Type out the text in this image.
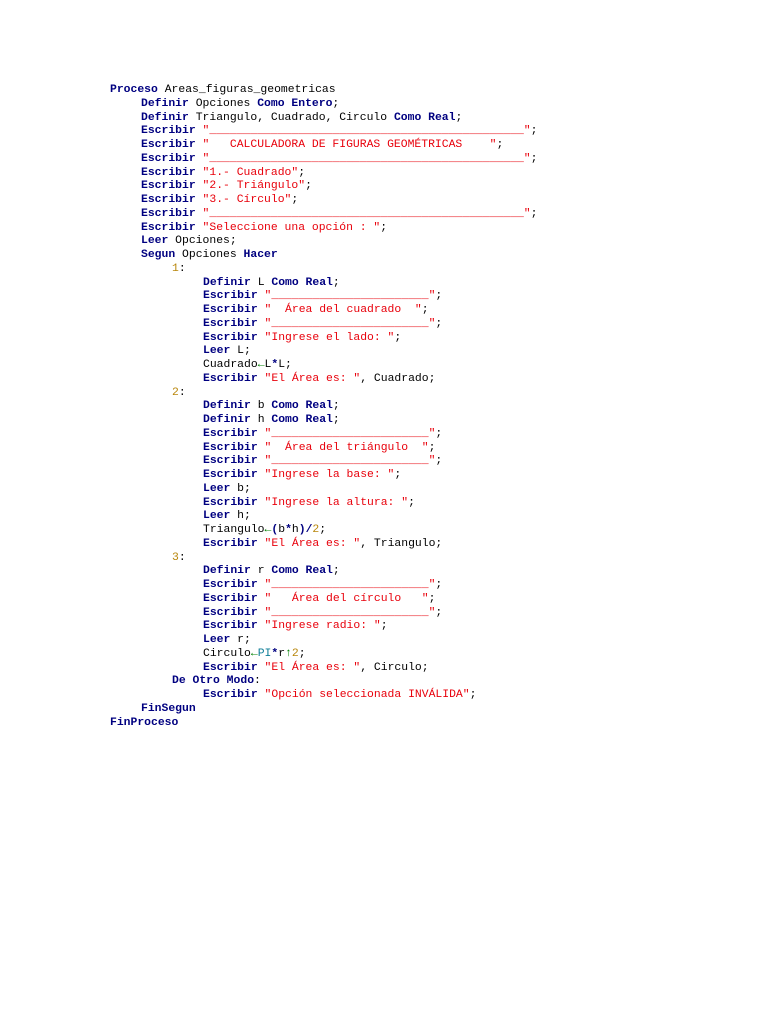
Proceso Areas_figuras_geometricas
Definir Opciones Como Entero;
Definir Triangulo, Cuadrado, Circulo Como Real;
Escribir "______________________________________________";
Escribir "   CALCULADORA DE FIGURAS GEOMÉTRICAS    ";
Escribir "______________________________________________";
Escribir "1.- Cuadrado";
Escribir "2.- Triángulo";
Escribir "3.- Círculo";
Escribir "______________________________________________";
Escribir "Seleccione una opción : ";
Leer Opciones;
Segun Opciones Hacer
1:
Definir L Como Real;
Escribir "_______________________";
Escribir "  Área del cuadrado  ";
Escribir "_______________________";
Escribir "Ingrese el lado: ";
Leer L;
Cuadrado←L*L;
Escribir "El Área es: ", Cuadrado;
2:
Definir b Como Real;
Definir h Como Real;
Escribir "_______________________";
Escribir "  Área del triángulo  ";
Escribir "_______________________";
Escribir "Ingrese la base: ";
Leer b;
Escribir "Ingrese la altura: ";
Leer h;
Triangulo←(b*h)/2;
Escribir "El Área es: ", Triangulo;
3:
Definir r Como Real;
Escribir "_______________________";
Escribir "   Área del círculo   ";
Escribir "_______________________";
Escribir "Ingrese radio: ";
Leer r;
Circulo←PI*r↑2;
Escribir "El Área es: ", Circulo;
De Otro Modo:
Escribir "Opción seleccionada INVÁLIDA";
FinSegun
FinProceso
